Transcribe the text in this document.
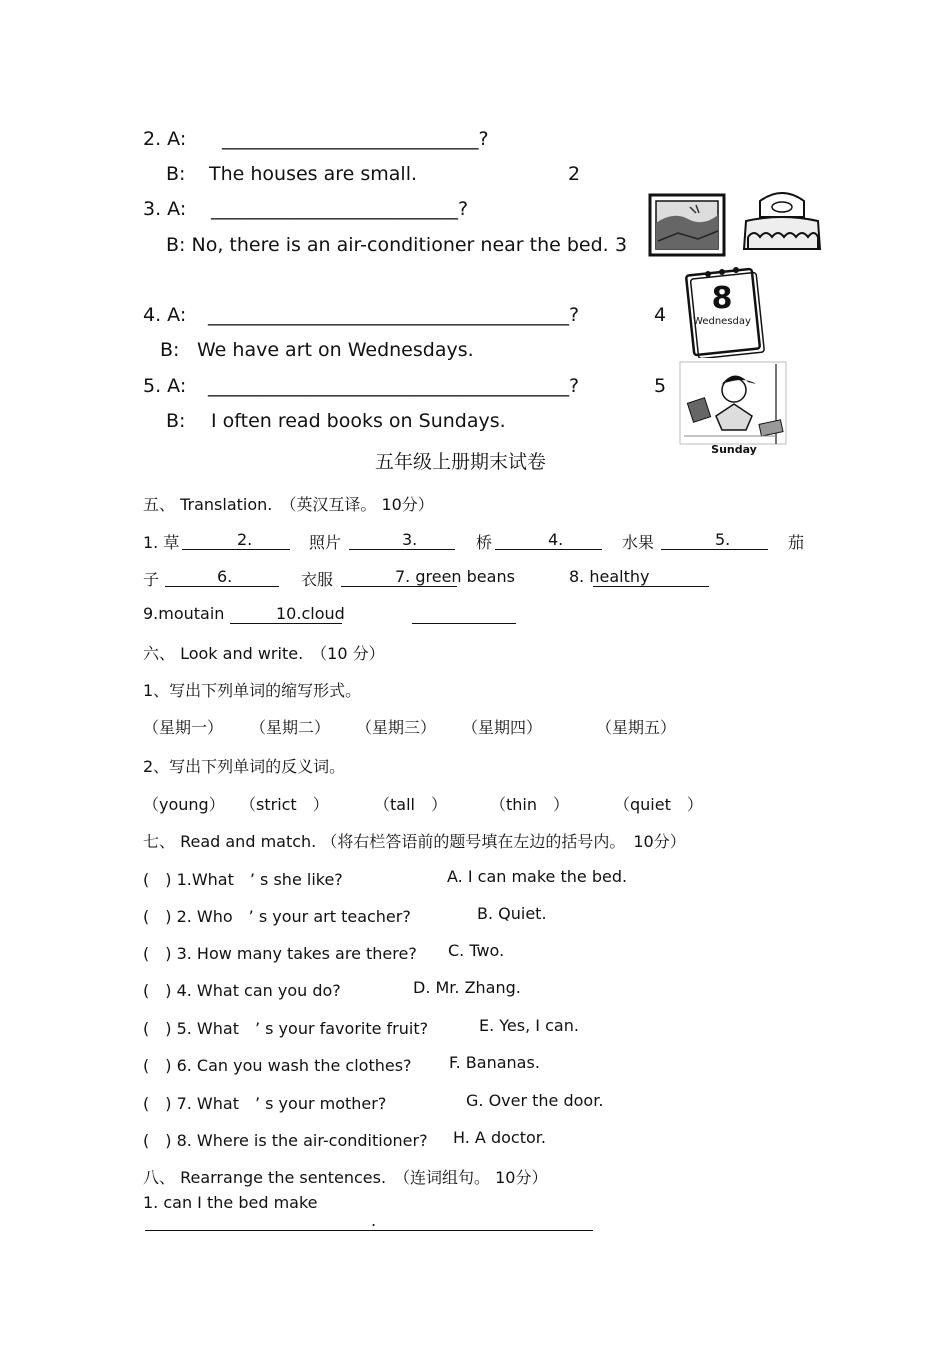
2. A: ___________________________?
B: The houses are small.	2
3. A: __________________________?
B: No, there is an air-conditioner near the bed. 3
4. A: ______________________________________?	4
B: We have art on Wednesdays.
5. A: ______________________________________?	5
B: I often read books on Sundays.
8
Wednesday
Sunday
五年级上册期末试卷
五、 Translation.　（英汉互译。 10分）
1. 草	2.	照片	3.	桥	4.	水果	5.	茄
子	6.	衣服	7. green beans	8. healthy
9.moutain	10.cloud
六、 Look and write.　（10 分）
1、写出下列单词的缩写形式。
（星期一） （星期二） （星期三） （星期四）	（星期五）
2、写出下列单词的反义词。
（young） （strict　）	（tall　）	（thin　）	（quiet　）
七、 Read and match. （将右栏答语前的题号填在左边的括号内。　10分）
(　) 1.What　’ s she like?	A. I can make the bed.
(　) 2. Who　’ s your art teacher?	B. Quiet.
(　) 3. How many takes are there? C. Two.
(　) 4. What can you do?	D. Mr. Zhang.
(　) 5. What　’ s your favorite fruit?	E. Yes, I can.
(　) 6. Can you wash the clothes? F. Bananas.
(　) 7. What　’ s your mother?	G. Over the door.
(　) 8. Where is the air-conditioner? H. A doctor.
八、 Rearrange the sentences.　（连词组句。 10分）
1. can I the bed make
.
